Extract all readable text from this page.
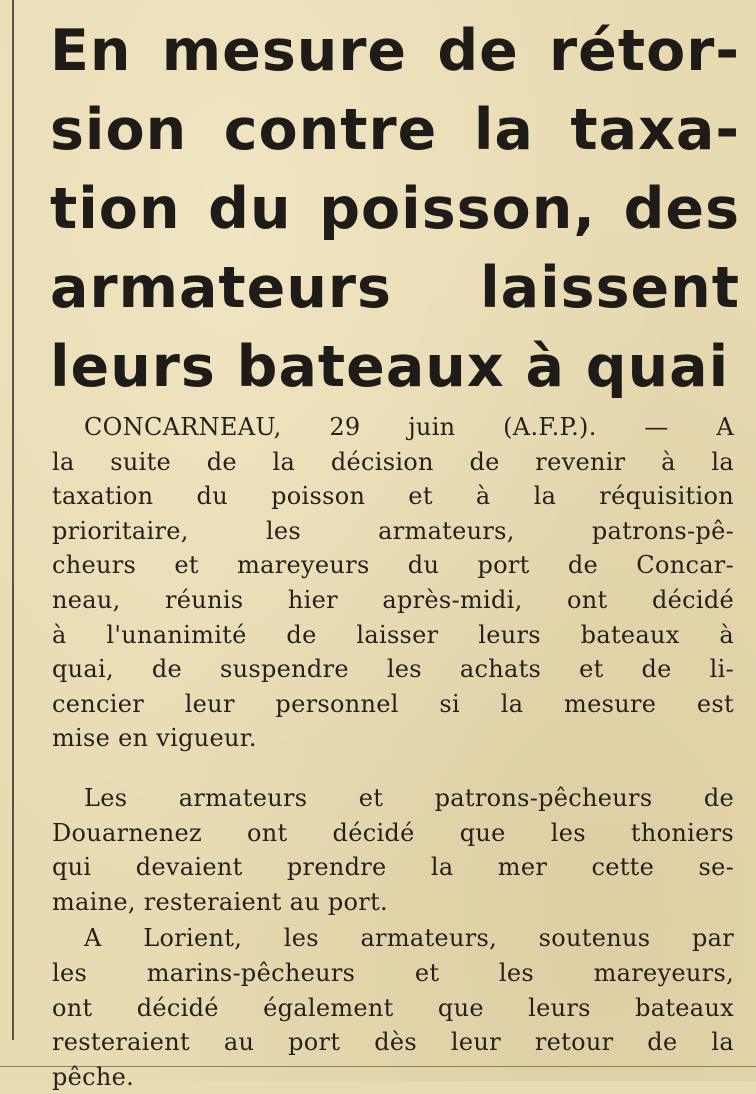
En mesure de rétor-
sion contre la taxa-
tion du poisson, des
armateurs laissent
leurs bateaux à quai

CONCARNEAU, 29 juin (A.F.P.). — A
la suite de la décision de revenir à la
taxation du poisson et à la réquisition
prioritaire, les armateurs, patrons-pê-
cheurs et mareyeurs du port de Concar-
neau, réunis hier après-midi, ont décidé
à l'unanimité de laisser leurs bateaux à
quai, de suspendre les achats et de li-
cencier leur personnel si la mesure est
mise en vigueur.

Les armateurs et patrons-pêcheurs de
Douarnenez ont décidé que les thoniers
qui devaient prendre la mer cette se-
maine, resteraient au port.

A Lorient, les armateurs, soutenus par
les marins-pêcheurs et les mareyeurs,
ont décidé également que leurs bateaux
resteraient au port dès leur retour de la
pêche.
